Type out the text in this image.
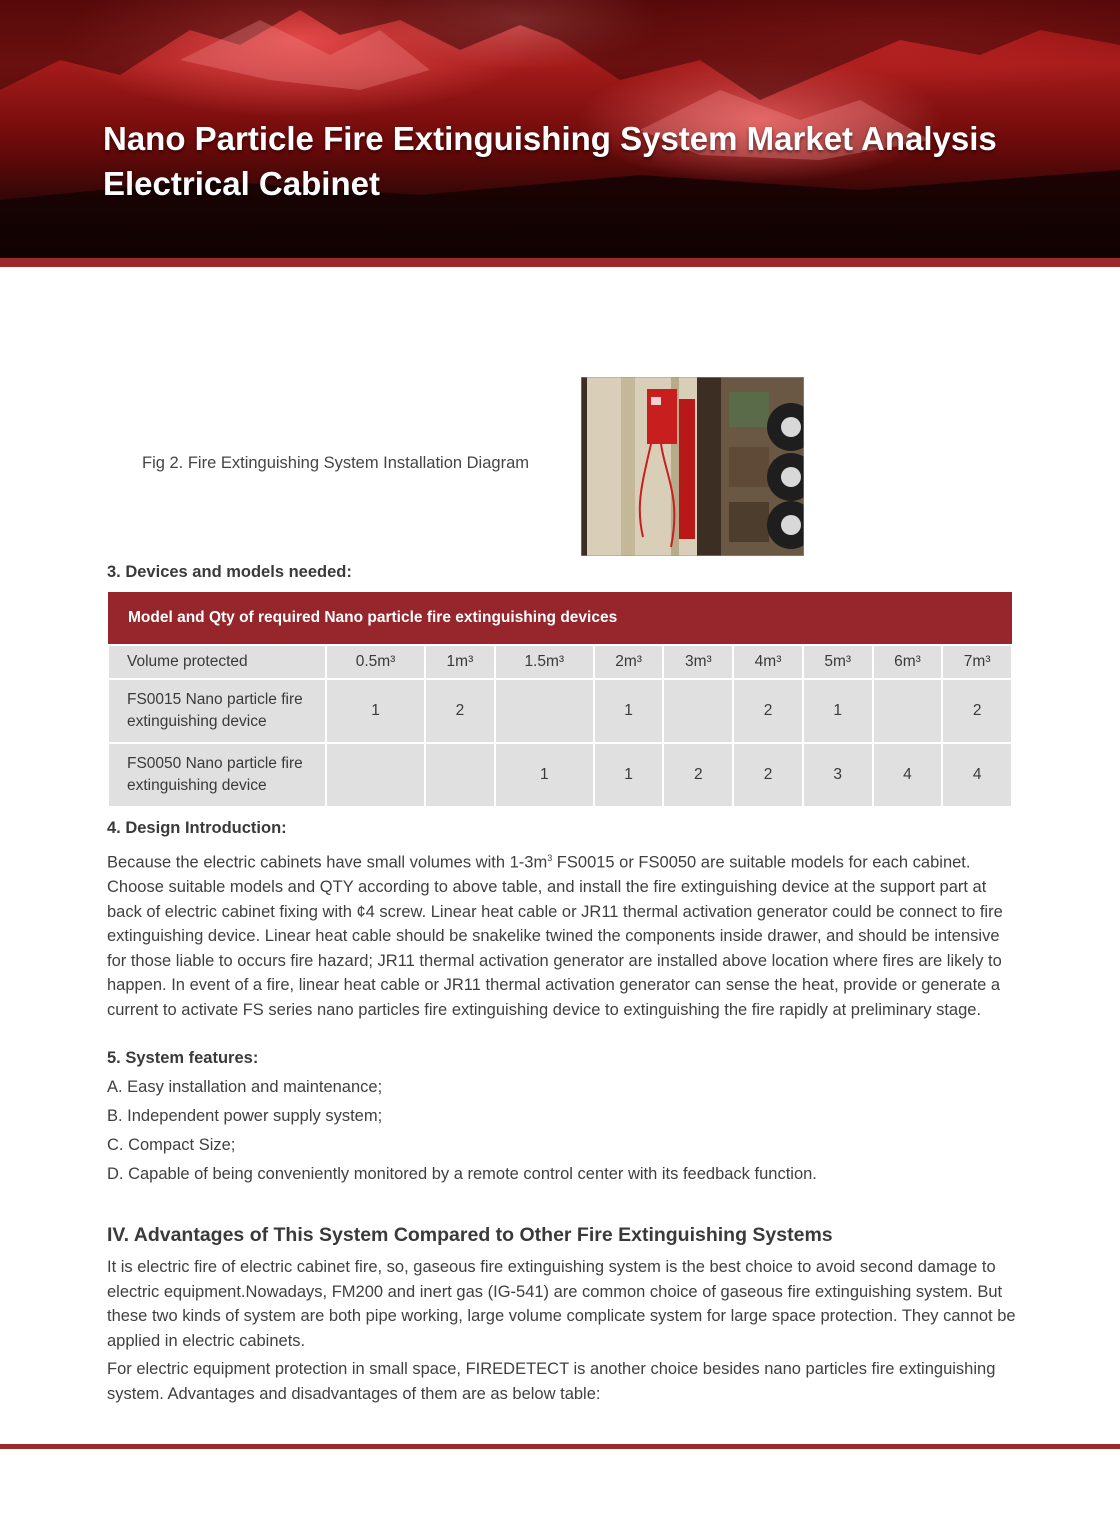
Nano Particle Fire Extinguishing System Market Analysis
Electrical Cabinet
Fig 2. Fire Extinguishing System Installation Diagram
3. Devices and models needed:
Model and Qty of required Nano particle fire extinguishing devices									
Volume protected	0.5m³	1m³	1.5m³	2m³	3m³	4m³	5m³	6m³	7m³
FS0015 Nano particle fire
extinguishing device	1	2		1		2	1		2
FS0050 Nano particle fire
extinguishing device			1	1	2	2	3	4	4
4. Design Introduction:

Because the electric cabinets have small volumes with $1-3m^3$ FS0015 or FS0050 are suitable models for each cabinet. Choose suitable models and QTY according to above table, and install the fire extinguishing device at the support part at back of electric cabinet fixing with ¢4 screw. Linear heat cable or JR11 thermal activation generator could be connect to fire extinguishing device. Linear heat cable should be snakelike twined the components inside drawer, and should be intensive for those liable to occurs fire hazard; JR11 thermal activation generator are installed above location where fires are likely to happen. In event of a fire, linear heat cable or JR11 thermal activation generator can sense the heat, provide or generate a current to activate FS series nano particles fire extinguishing device to extinguishing the fire rapidly at preliminary stage.

5. System features:

A. Easy installation and maintenance;

B. Independent power supply system;

C. Compact Size;

D. Capable of being conveniently monitored by a remote control center with its feedback function.

IV. Advantages of This System Compared to Other Fire Extinguishing Systems

It is electric fire of electric cabinet fire, so, gaseous fire extinguishing system is the best choice to avoid second damage to electric equipment.Nowadays, FM200 and inert gas (IG-541) are common choice of gaseous fire extinguishing system. But these two kinds of system are both pipe working, large volume complicate system for large space protection. They cannot be applied in electric cabinets.

For electric equipment protection in small space, FIREDETECT is another choice besides nano particles fire extinguishing system. Advantages and disadvantages of them are as below table:
